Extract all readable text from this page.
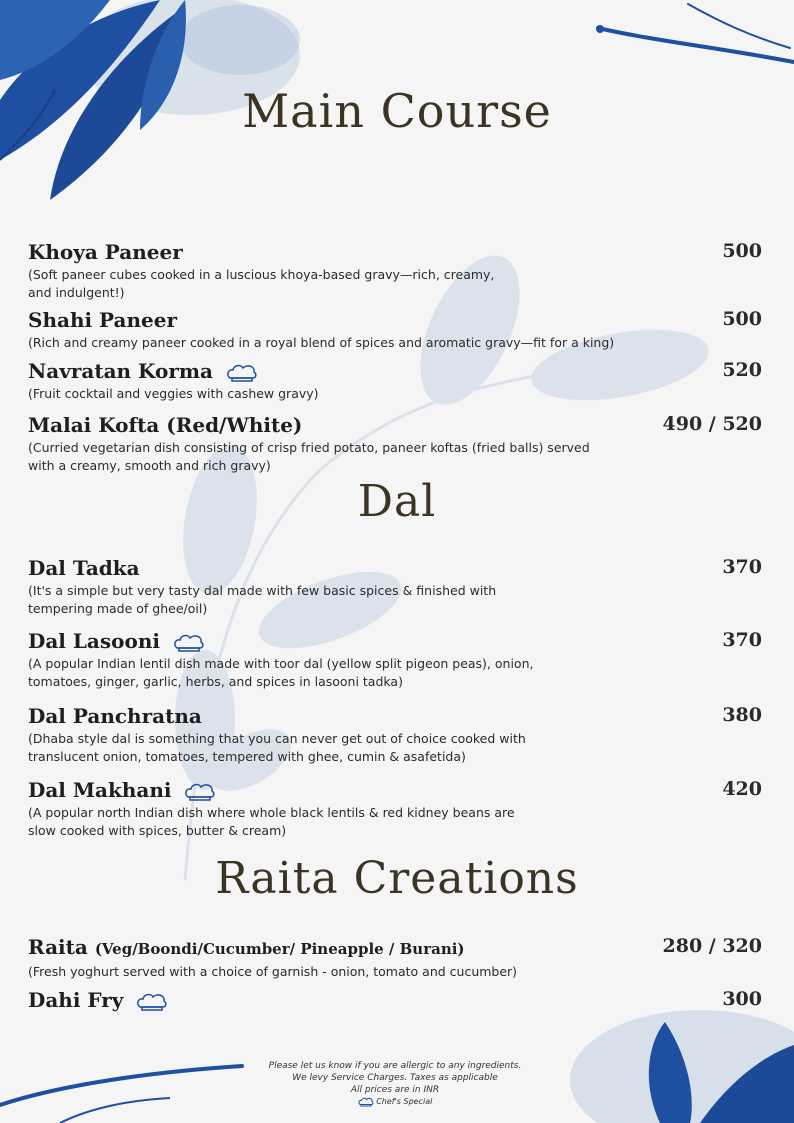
Main Course
Khoya Paneer
(Soft paneer cubes cooked in a luscious khoya-based gravy—rich, creamy, and indulgent!)
500
Shahi Paneer
(Rich and creamy paneer cooked in a royal blend of spices and aromatic gravy—fit for a king)
500
Navratan Korma
(Fruit cocktail and veggies with cashew gravy)
520
Malai Kofta (Red/White)
(Curried vegetarian dish consisting of crisp fried potato, paneer koftas (fried balls) served with a creamy, smooth and rich gravy)
490 / 520
Dal
Dal Tadka
(It's a simple but very tasty dal made with few basic spices & finished with tempering made of ghee/oil)
370
Dal Lasooni
(A popular Indian lentil dish made with toor dal (yellow split pigeon peas), onion, tomatoes, ginger, garlic, herbs, and spices in lasooni tadka)
370
Dal Panchratna
(Dhaba style dal is something that you can never get out of choice cooked with translucent onion, tomatoes, tempered with ghee, cumin & asafetida)
380
Dal Makhani
(A popular north Indian dish where whole black lentils & red kidney beans are slow cooked with spices, butter & cream)
420
Raita Creations
Raita (Veg/Boondi/Cucumber/ Pineapple / Burani)
(Fresh yoghurt served with a choice of garnish - onion, tomato and cucumber)
280 / 320
Dahi Fry	300
Please let us know if you are allergic to any ingredients.
We levy Service Charges. Taxes as applicable
All prices are in INR
Chef's Special
